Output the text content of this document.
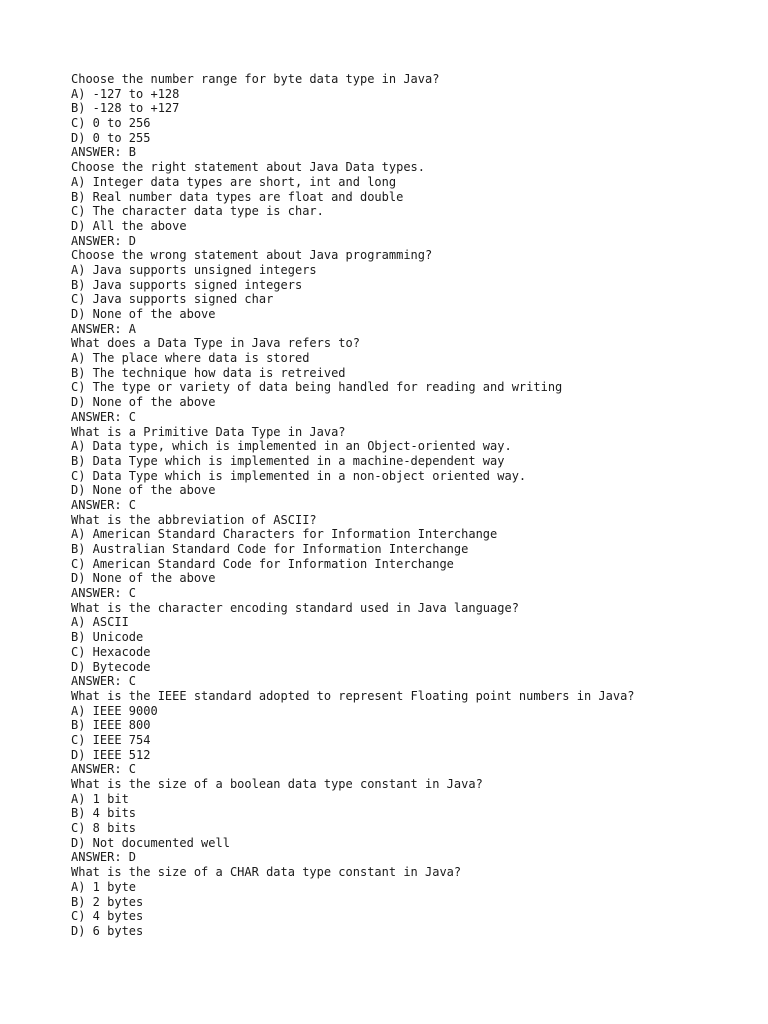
Choose the number range for byte data type in Java?
A) -127 to +128
B) -128 to +127
C) 0 to 256
D) 0 to 255
ANSWER: B
Choose the right statement about Java Data types.
A) Integer data types are short, int and long
B) Real number data types are float and double
C) The character data type is char.
D) All the above
ANSWER: D
Choose the wrong statement about Java programming?
A) Java supports unsigned integers
B) Java supports signed integers
C) Java supports signed char
D) None of the above
ANSWER: A
What does a Data Type in Java refers to?
A) The place where data is stored
B) The technique how data is retreived
C) The type or variety of data being handled for reading and writing
D) None of the above
ANSWER: C
What is a Primitive Data Type in Java?
A) Data type, which is implemented in an Object-oriented way.
B) Data Type which is implemented in a machine-dependent way
C) Data Type which is implemented in a non-object oriented way.
D) None of the above
ANSWER: C
What is the abbreviation of ASCII?
A) American Standard Characters for Information Interchange
B) Australian Standard Code for Information Interchange
C) American Standard Code for Information Interchange
D) None of the above
ANSWER: C
What is the character encoding standard used in Java language?
A) ASCII
B) Unicode
C) Hexacode
D) Bytecode
ANSWER: C
What is the IEEE standard adopted to represent Floating point numbers in Java?
A) IEEE 9000
B) IEEE 800
C) IEEE 754
D) IEEE 512
ANSWER: C
What is the size of a boolean data type constant in Java?
A) 1 bit
B) 4 bits
C) 8 bits
D) Not documented well
ANSWER: D
What is the size of a CHAR data type constant in Java?
A) 1 byte
B) 2 bytes
C) 4 bytes
D) 6 bytes
